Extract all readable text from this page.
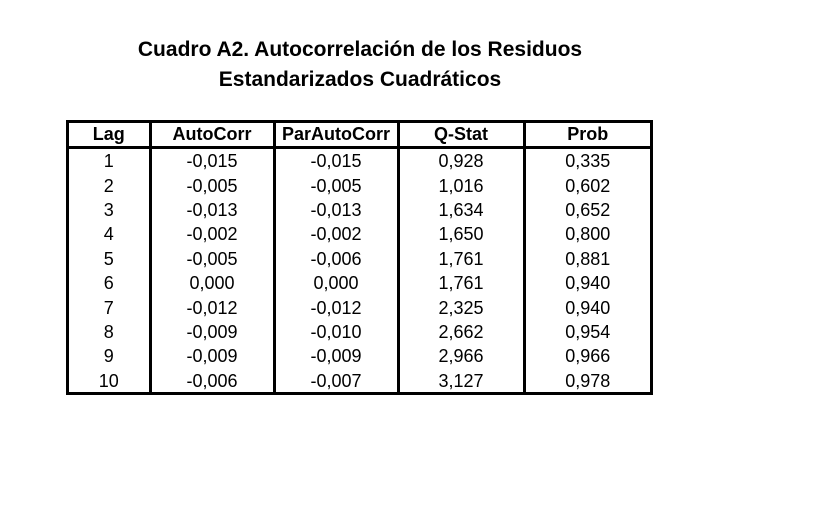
Cuadro A2. Autocorrelación de los Residuos
Estandarizados Cuadráticos
Lag	AutoCorr	ParAutoCorr	Q-Stat	Prob
1	-0,015	-0,015	0,928	0,335
2	-0,005	-0,005	1,016	0,602
3	-0,013	-0,013	1,634	0,652
4	-0,002	-0,002	1,650	0,800
5	-0,005	-0,006	1,761	0,881
6	0,000	0,000	1,761	0,940
7	-0,012	-0,012	2,325	0,940
8	-0,009	-0,010	2,662	0,954
9	-0,009	-0,009	2,966	0,966
10	-0,006	-0,007	3,127	0,978
